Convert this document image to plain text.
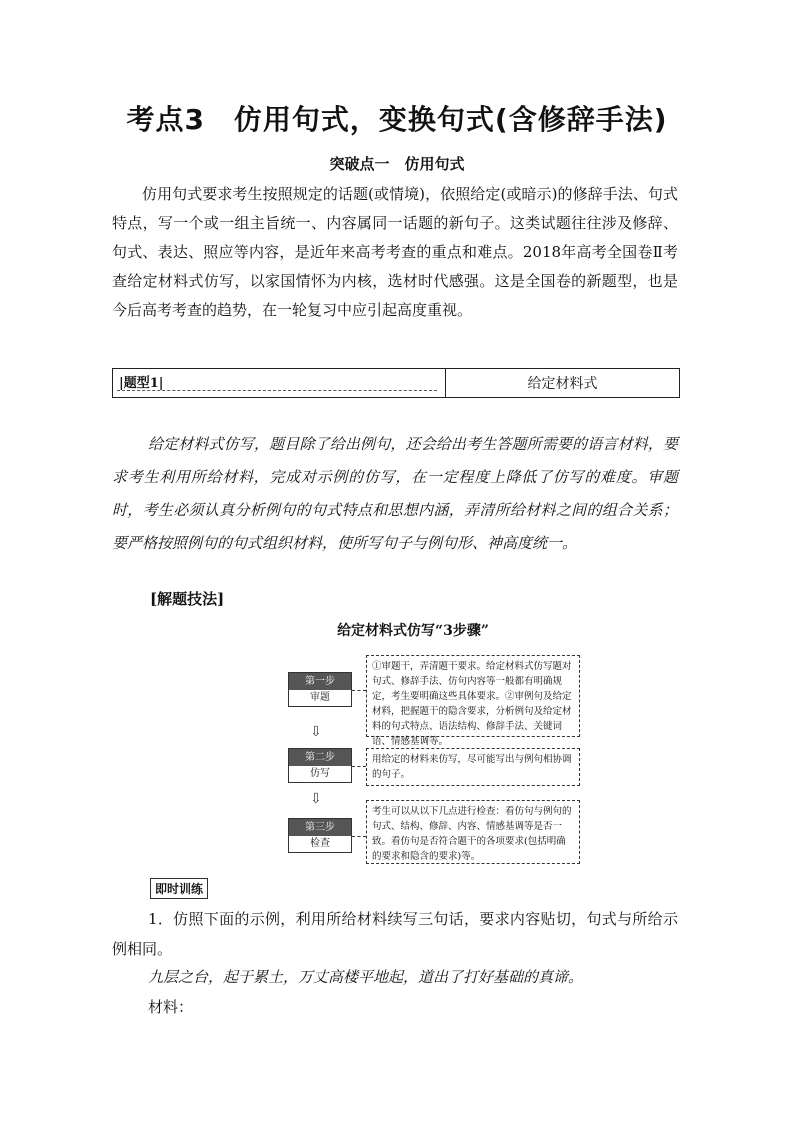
考点3　仿用句式，变换句式(含修辞手法)
突破点一　仿用句式
仿用句式要求考生按照规定的话题(或情境)，依照给定(或暗示)的修辞手法、句式特点，写一个或一组主旨统一、内容属同一话题的新句子。这类试题往往涉及修辞、句式、表达、照应等内容，是近年来高考考查的重点和难点。2018年高考全国卷Ⅱ考查给定材料式仿写，以家国情怀为内核，选材时代感强。这是全国卷的新题型，也是今后高考考查的趋势，在一轮复习中应引起高度重视。
|题型1|	给定材料式
给定材料式仿写，题目除了给出例句，还会给出考生答题所需要的语言材料，要求考生利用所给材料，完成对示例的仿写，在一定程度上降低了仿写的难度。审题时，考生必须认真分析例句的句式特点和思想内涵，弄清所给材料之间的组合关系；要严格按照例句的句式组织材料，使所写句子与例句形、神高度统一。
[解题技法]
给定材料式仿写“3步骤”
第一步
审题
①审题干，弄清题干要求。给定材料式仿写题对句式、修辞手法、仿句内容等一般都有明确规定，考生要明确这些具体要求。②审例句及给定材料，把握题干的隐含要求，分析例句及给定材料的句式特点、语法结构、修辞手法、关键词语、情感基调等。
⇩
第二步
仿写
用给定的材料来仿写，尽可能写出与例句相协调的句子。
⇩
第三步
检查
考生可以从以下几点进行检查：看仿句与例句的句式、结构、修辞、内容、情感基调等是否一致。看仿句是否符合题干的各项要求(包括明确的要求和隐含的要求)等。
即时训练
1．仿照下面的示例，利用所给材料续写三句话，要求内容贴切，句式与所给示例相同。
九层之台，起于累土，万丈高楼平地起，道出了打好基础的真谛。
材料：
